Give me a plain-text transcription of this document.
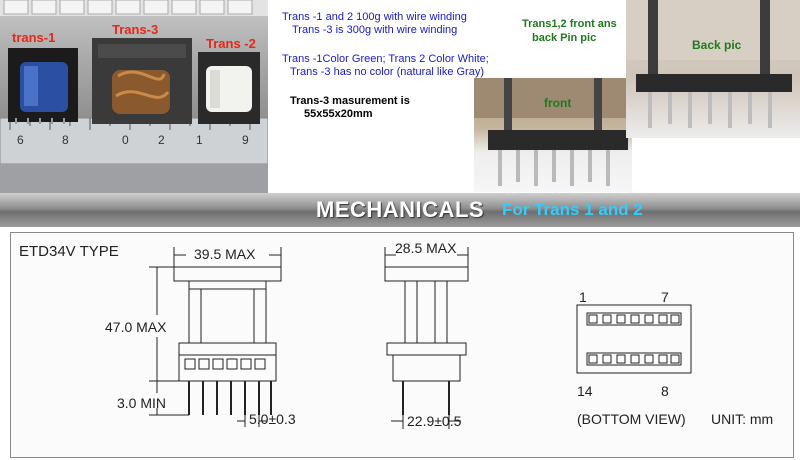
trans-1
Trans-3
Trans -2
6	8	0 2	1	9
Trans -1 and 2 100g with wire winding
Trans -3 is 300g with wire winding
Trans -1Color Green; Trans 2 Color White;
Trans -3 has no color (natural like Gray)
Trans-3 masurement is
55x55x20mm
Trans1,2 front ans
back Pin pic
front
Back pic
MECHANICALS For Trans 1 and 2
ETD34V TYPE	39.5 MAX
47.0 MAX
3.0 MIN
5.0±0.3
28.5 MAX
22.9±0.5
1	7
14	8
(BOTTOM VIEW) UNIT: mm
